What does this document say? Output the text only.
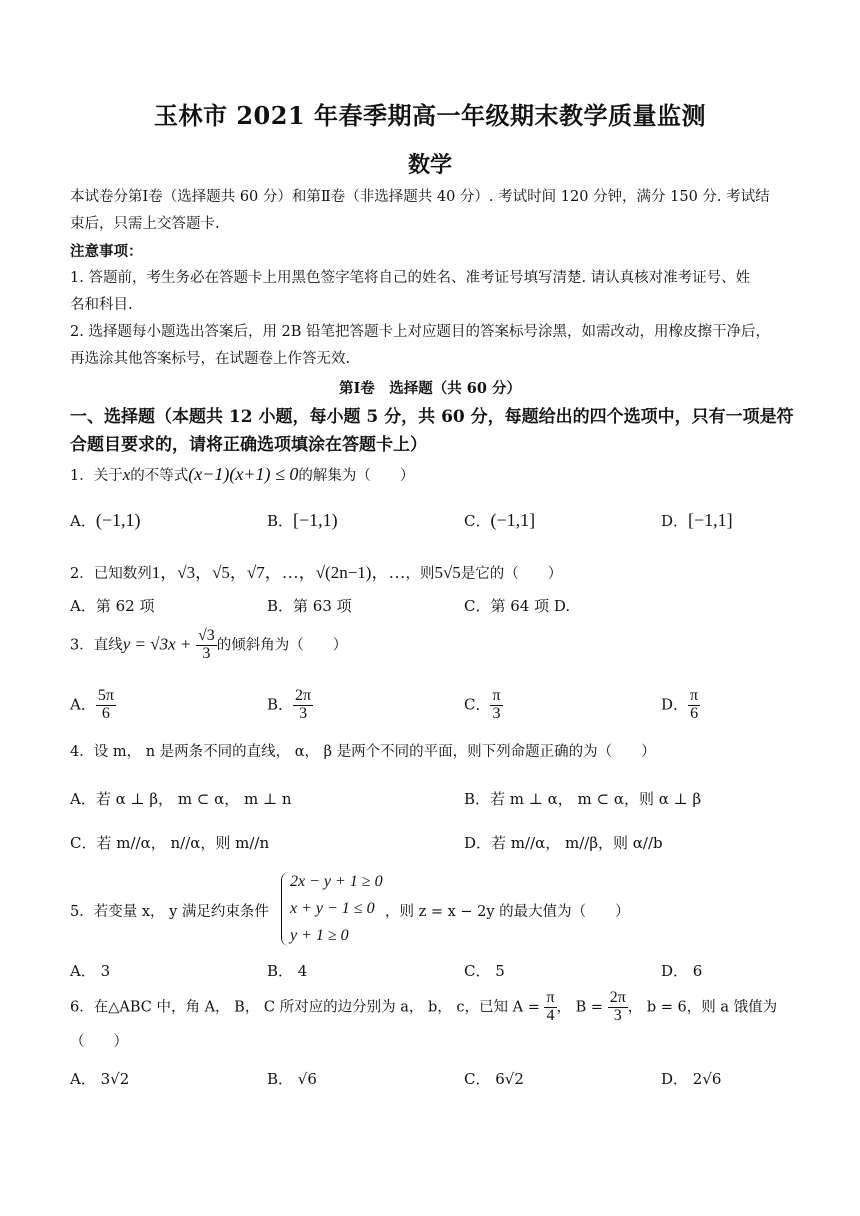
玉林市 2021 年春季期高一年级期末教学质量监测
数学
本试卷分第Ⅰ卷（选择题共 60 分）和第Ⅱ卷（非选择题共 40 分）. 考试时间 120 分钟，满分 150 分. 考试结
束后，只需上交答题卡.
注意事项：
1. 答题前，考生务必在答题卡上用黑色签字笔将自己的姓名、准考证号填写清楚. 请认真核对准考证号、姓
名和科目.
2. 选择题每小题选出答案后，用 2B 铅笔把答题卡上对应题目的答案标号涂黑，如需改动，用橡皮擦干净后，
再选涂其他答案标号，在试题卷上作答无效.
第Ⅰ卷　选择题（共 60 分）
一、选择题（本题共 12 小题，每小题 5 分，共 60 分，每题给出的四个选项中，只有一项是符
合题目要求的，请将正确选项填涂在答题卡上）
1．关于x的不等式(x−1)(x+1) ≤ 0的解集为（　　）
A．(−1,1)	B．[−1,1)	C．(−1,1]	D．[−1,1]
2．已知数列1，√3，√5，√7，…，√(2n−1)，…，则5√5是它的（　　）
A．第 62 项	B．第 63 项	C．第 64 项 D.
3．直线$y = √3x + \frac{√3}{3}$ 的倾斜角为（　　）
A． $\frac{5\pi}{6}$	B． $\frac{2\pi}{3}$	C． $\frac{\pi}{3}$	D． $\frac{\pi}{6}$
4．设 m， n 是两条不同的直线， α， β 是两个不同的平面，则下列命题正确的为（　　）
A．若 α ⊥ β， m ⊂ α， m ⊥ n	B．若 m ⊥ α， m ⊂ α，则 α ⊥ β
C．若 m//α， n//α，则 m//n	D．若 m//α， m//β，则 α//b
5．若变量 x， y 满足约束条件
2x − y + 1 ≥ 0
x + y − 1 ≤ 0
y + 1 ≥ 0
，则 z = x − 2y 的最大值为（　　）
A． 3	B． 4	C． 5	D． 6
6．在△ABC 中，角 A， B， C 所对应的边分别为 a， b， c，已知 $A = \frac{\pi}{4}$ ， $B = \frac{2\pi}{3}$ ， b = 6，则 a 饿值为
（　　）
A． 3√2	B． √6	C． 6√2	D． 2√6
